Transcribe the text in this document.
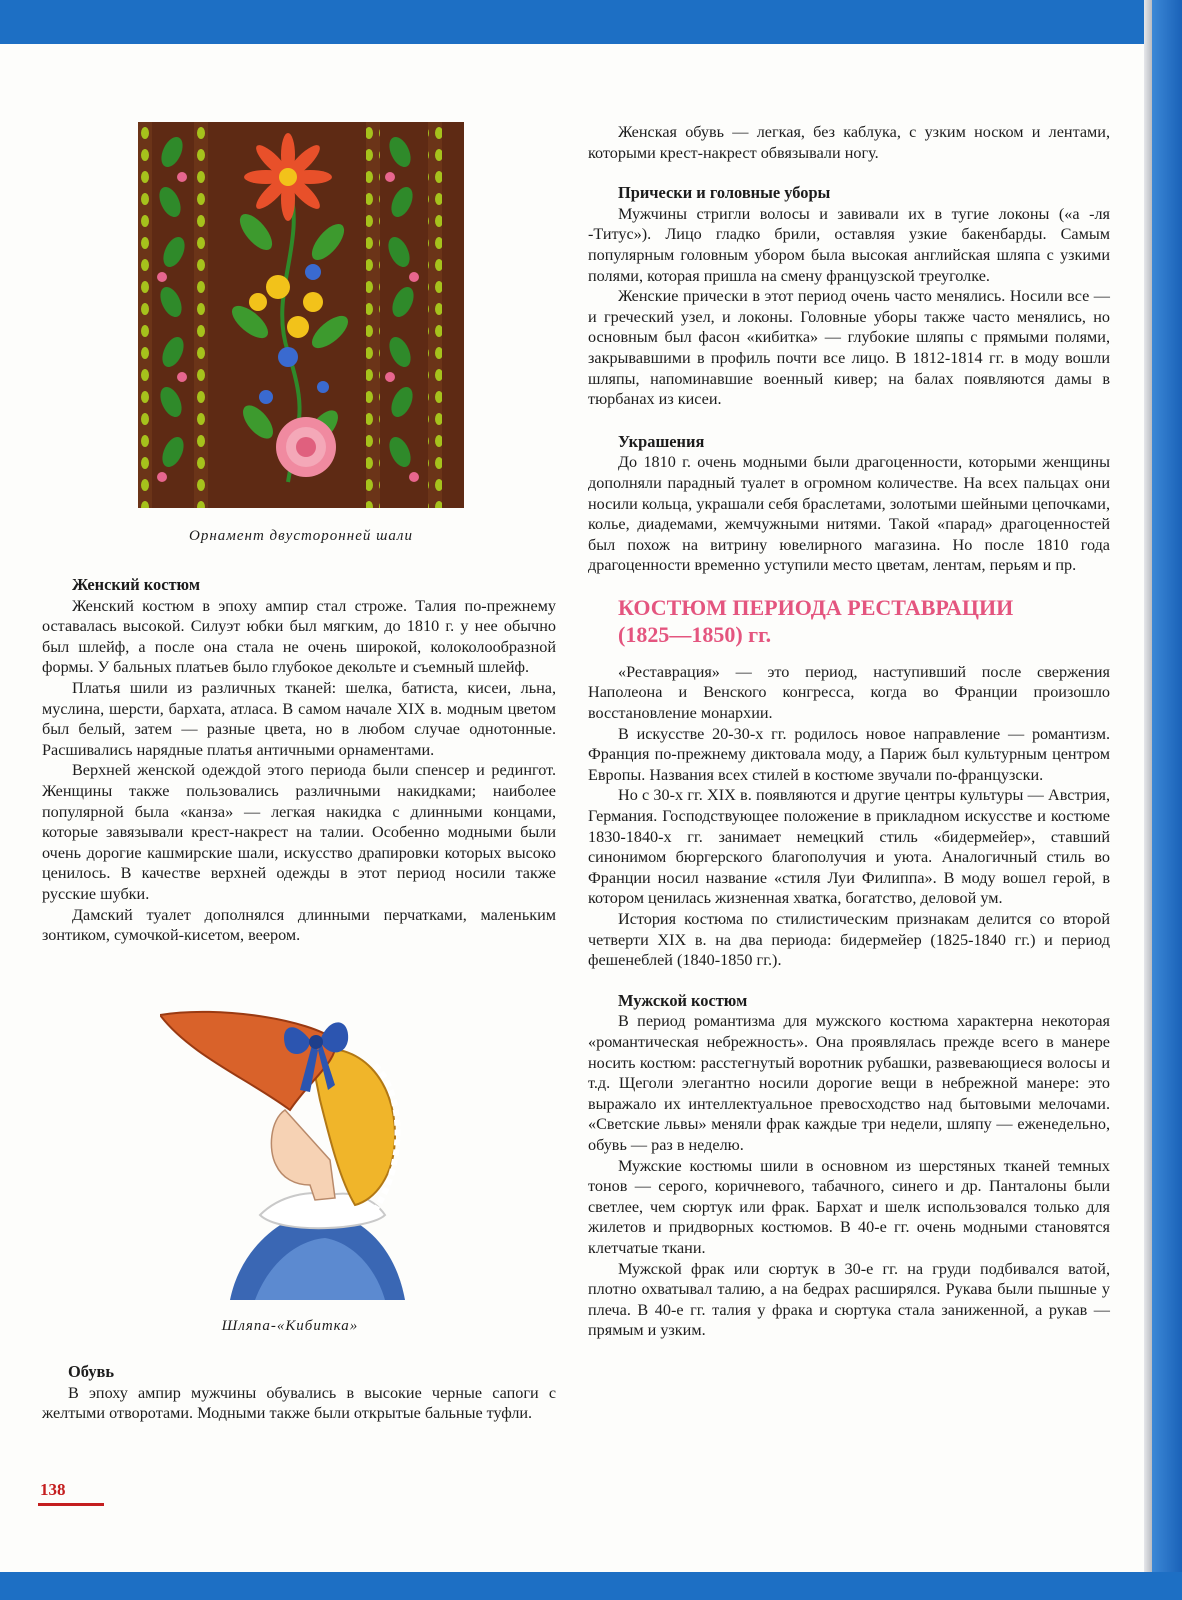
Орнамент двусторонней шали
Женский костюм

Женский костюм в эпоху ампир стал строже. Талия по-прежнему оставалась высокой. Силуэт юбки был мягким, до 1810 г. у нее обычно был шлейф, а после она стала не очень широкой, колоколообразной формы. У бальных платьев было глубокое декольте и съемный шлейф.

Платья шили из различных тканей: шелка, батиста, кисеи, льна, муслина, шерсти, бархата, атласа. В самом начале XIX в. модным цветом был белый, затем — разные цвета, но в любом случае однотонные. Расшивались нарядные платья античными орнаментами.

Верхней женской одеждой этого периода были спенсер и редингот. Женщины также пользовались различными накидками; наиболее популярной была «канза» — легкая накидка с длинными концами, которые завязывали крест-накрест на талии. Особенно модными были очень дорогие кашмирские шали, искусство драпировки которых высоко ценилось. В качестве верхней одежды в этот период носили также русские шубки.

Дамский туалет дополнялся длинными перчатками, маленьким зонтиком, сумочкой-кисетом, веером.

Шляпа-«Кибитка»
Обувь

В эпоху ампир мужчины обувались в высокие черные сапоги с желтыми отворотами. Модными также были открытые бальные туфли.

Женская обувь — легкая, без каблука, с узким носком и лентами, которыми крест-накрест обвязывали ногу.

Прически и головные уборы

Мужчины стригли волосы и завивали их в тугие локоны («а -ля -Титус»). Лицо гладко брили, оставляя узкие бакенбарды. Самым популярным головным убором была высокая английская шляпа с узкими полями, которая пришла на смену французской треуголке.

Женские прически в этот период очень часто менялись. Носили все — и греческий узел, и локоны. Головные уборы также часто менялись, но основным был фасон «кибитка» — глубокие шляпы с прямыми полями, закрывавшими в профиль почти все лицо. В 1812-1814 гг. в моду вошли шляпы, напоминавшие военный кивер; на балах появляются дамы в тюрбанах из кисеи.

Украшения

До 1810 г. очень модными были драгоценности, которыми женщины дополняли парадный туалет в огромном количестве. На всех пальцах они носили кольца, украшали себя браслетами, золотыми шейными цепочками, колье, диадемами, жемчужными нитями. Такой «парад» драгоценностей был похож на витрину ювелирного магазина. Но после 1810 года драгоценности временно уступили место цветам, лентам, перьям и пр.

КОСТЮМ ПЕРИОДА РЕСТАВРАЦИИ
(1825—1850) гг.

«Реставрация» — это период, наступивший после свержения Наполеона и Венского конгресса, когда во Франции произошло восстановление монархии.

В искусстве 20-30-х гг. родилось новое направление — романтизм. Франция по-прежнему диктовала моду, а Париж был культурным центром Европы. Названия всех стилей в костюме звучали по-французски.

Но с 30-х гг. XIX в. появляются и другие центры культуры — Австрия, Германия. Господствующее положение в прикладном искусстве и костюме 1830-1840-х гг. занимает немецкий стиль «бидермейер», ставший синонимом бюргерского благополучия и уюта. Аналогичный стиль во Франции носил название «стиля Луи Филиппа». В моду вошел герой, в котором ценилась жизненная хватка, богатство, деловой ум.

История костюма по стилистическим признакам делится со второй четверти XIX в. на два периода: бидермейер (1825-1840 гг.) и период фешенеблей (1840-1850 гг.).

Мужской костюм

В период романтизма для мужского костюма характерна некоторая «романтическая небрежность». Она проявлялась прежде всего в манере носить костюм: расстегнутый воротник рубашки, развевающиеся волосы и т.д. Щеголи элегантно носили дорогие вещи в небрежной манере: это выражало их интеллектуальное превосходство над бытовыми мелочами. «Светские львы» меняли фрак каждые три недели, шляпу — еженедельно, обувь — раз в неделю.

Мужские костюмы шили в основном из шерстяных тканей темных тонов — серого, коричневого, табачного, синего и др. Панталоны были светлее, чем сюртук или фрак. Бархат и шелк использовался только для жилетов и придворных костюмов. В 40-е гг. очень модными становятся клетчатые ткани.

Мужской фрак или сюртук в 30-е гг. на груди подбивался ватой, плотно охватывал талию, а на бедрах расширялся. Рукава были пышные у плеча. В 40-е гг. талия у фрака и сюртука стала заниженной, а рукав — прямым и узким.

138
